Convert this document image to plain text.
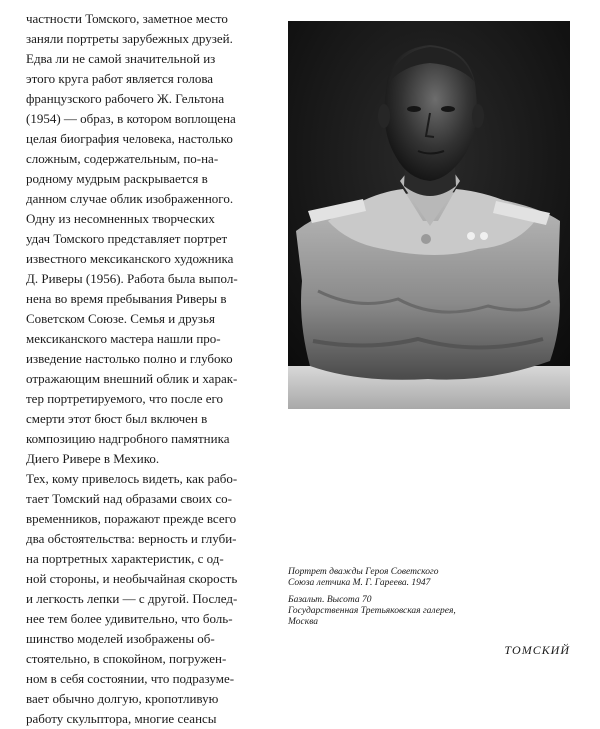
частности Томского, заметное место
заняли портреты зарубежных друзей.
Едва ли не самой значительной из
этого круга работ является голова
французского рабочего Ж. Гельтона
(1954) — образ, в котором воплощена
целая биография человека, настолько
сложным, содержательным, по-на-
родному мудрым раскрывается в
данном случае облик изображенного.
Одну из несомненных творческих
удач Томского представляет портрет
известного мексиканского художника
Д. Риверы (1956). Работа была выпол-
нена во время пребывания Риверы в
Советском Союзе. Семья и друзья
мексиканского мастера нашли про-
изведение настолько полно и глубоко
отражающим внешний облик и харак-
тер портретируемого, что после его
смерти этот бюст был включен в
композицию надгробного памятника
Диего Ривере в Мехико.

Тех, кому привелось видеть, как рабо-
тает Томский над образами своих со-
временников, поражают прежде всего
два обстоятельства: верность и глуби-
на портретных характеристик, с од-
ной стороны, и необычайная скорость
и легкость лепки — с другой. Послед-
нее тем более удивительно, что боль-
шинство моделей изображены об-
стоятельно, в спокойном, погружен-
ном в себя состоянии, что подразуме-
вает обычно долгую, кропотливую
работу скульптора, многие сеансы

Портрет дважды Героя Советского
Союза летчика М. Г. Гареева. 1947
Базальт. Высота 70
Государственная Третьяковская галерея,
Москва
ТОМСКИЙ
